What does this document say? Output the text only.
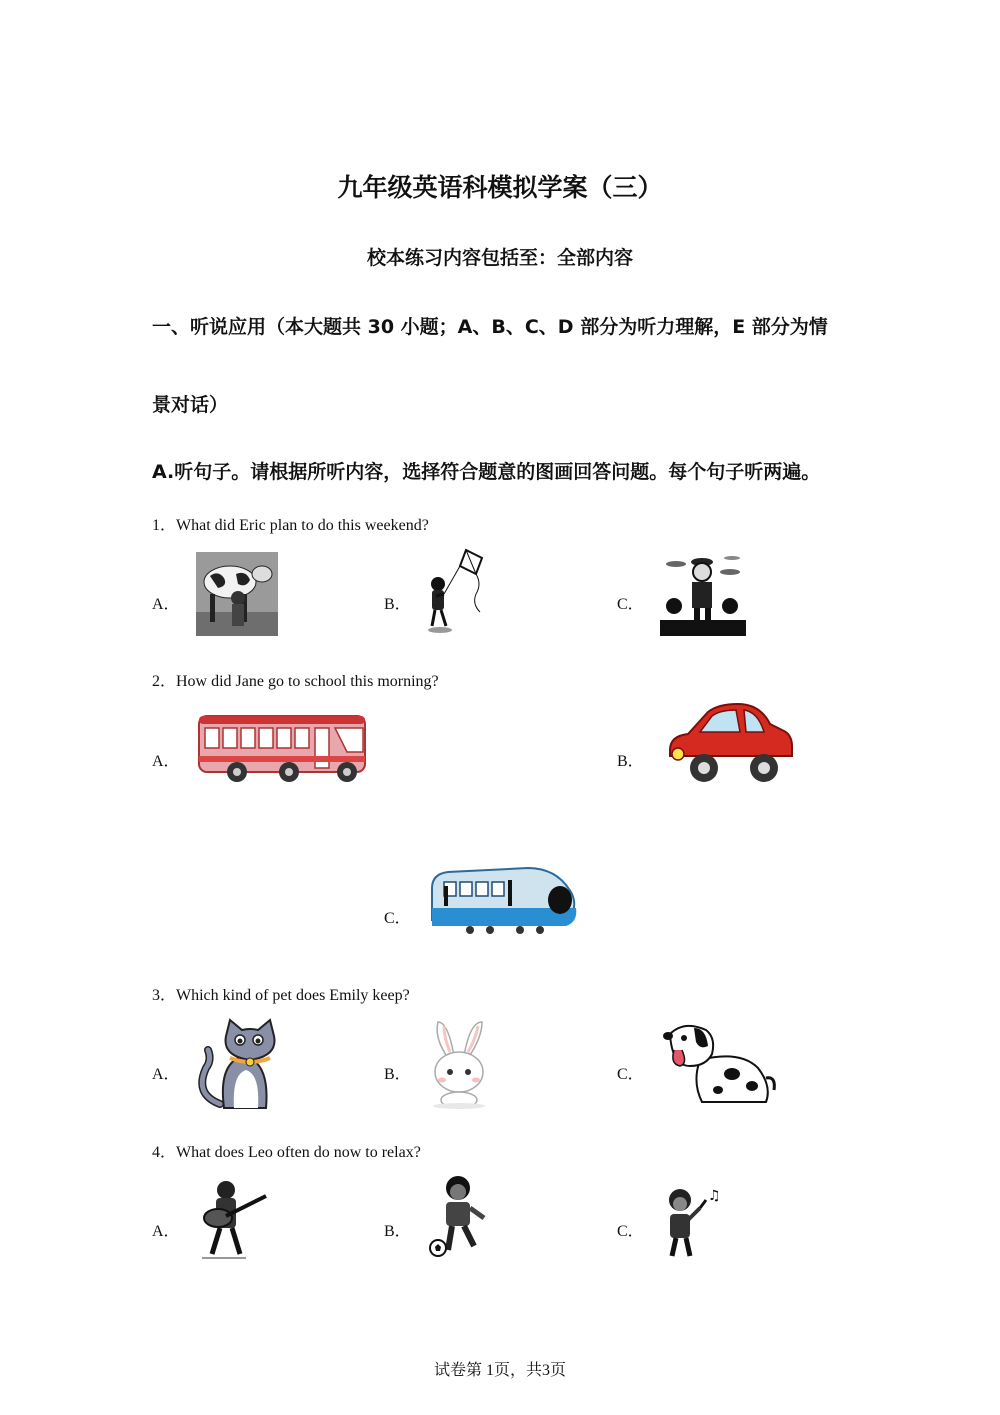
九年级英语科模拟学案（三）
校本练习内容包括至：全部内容
一、听说应用（本大题共 30 小题；A、B、C、D 部分为听力理解，E 部分为情
景对话）
A.听句子。请根据所听内容，选择符合题意的图画回答问题。每个句子听两遍。
1．What did Eric plan to do this weekend?
A．	B．	C．
2．How did Jane go to school this morning?
A．	B．
C．
3．Which kind of pet does Emily keep?
A．	B．	C．
4．What does Leo often do now to relax?
A．	B．	C．
♫
试卷第 1页，共3页
